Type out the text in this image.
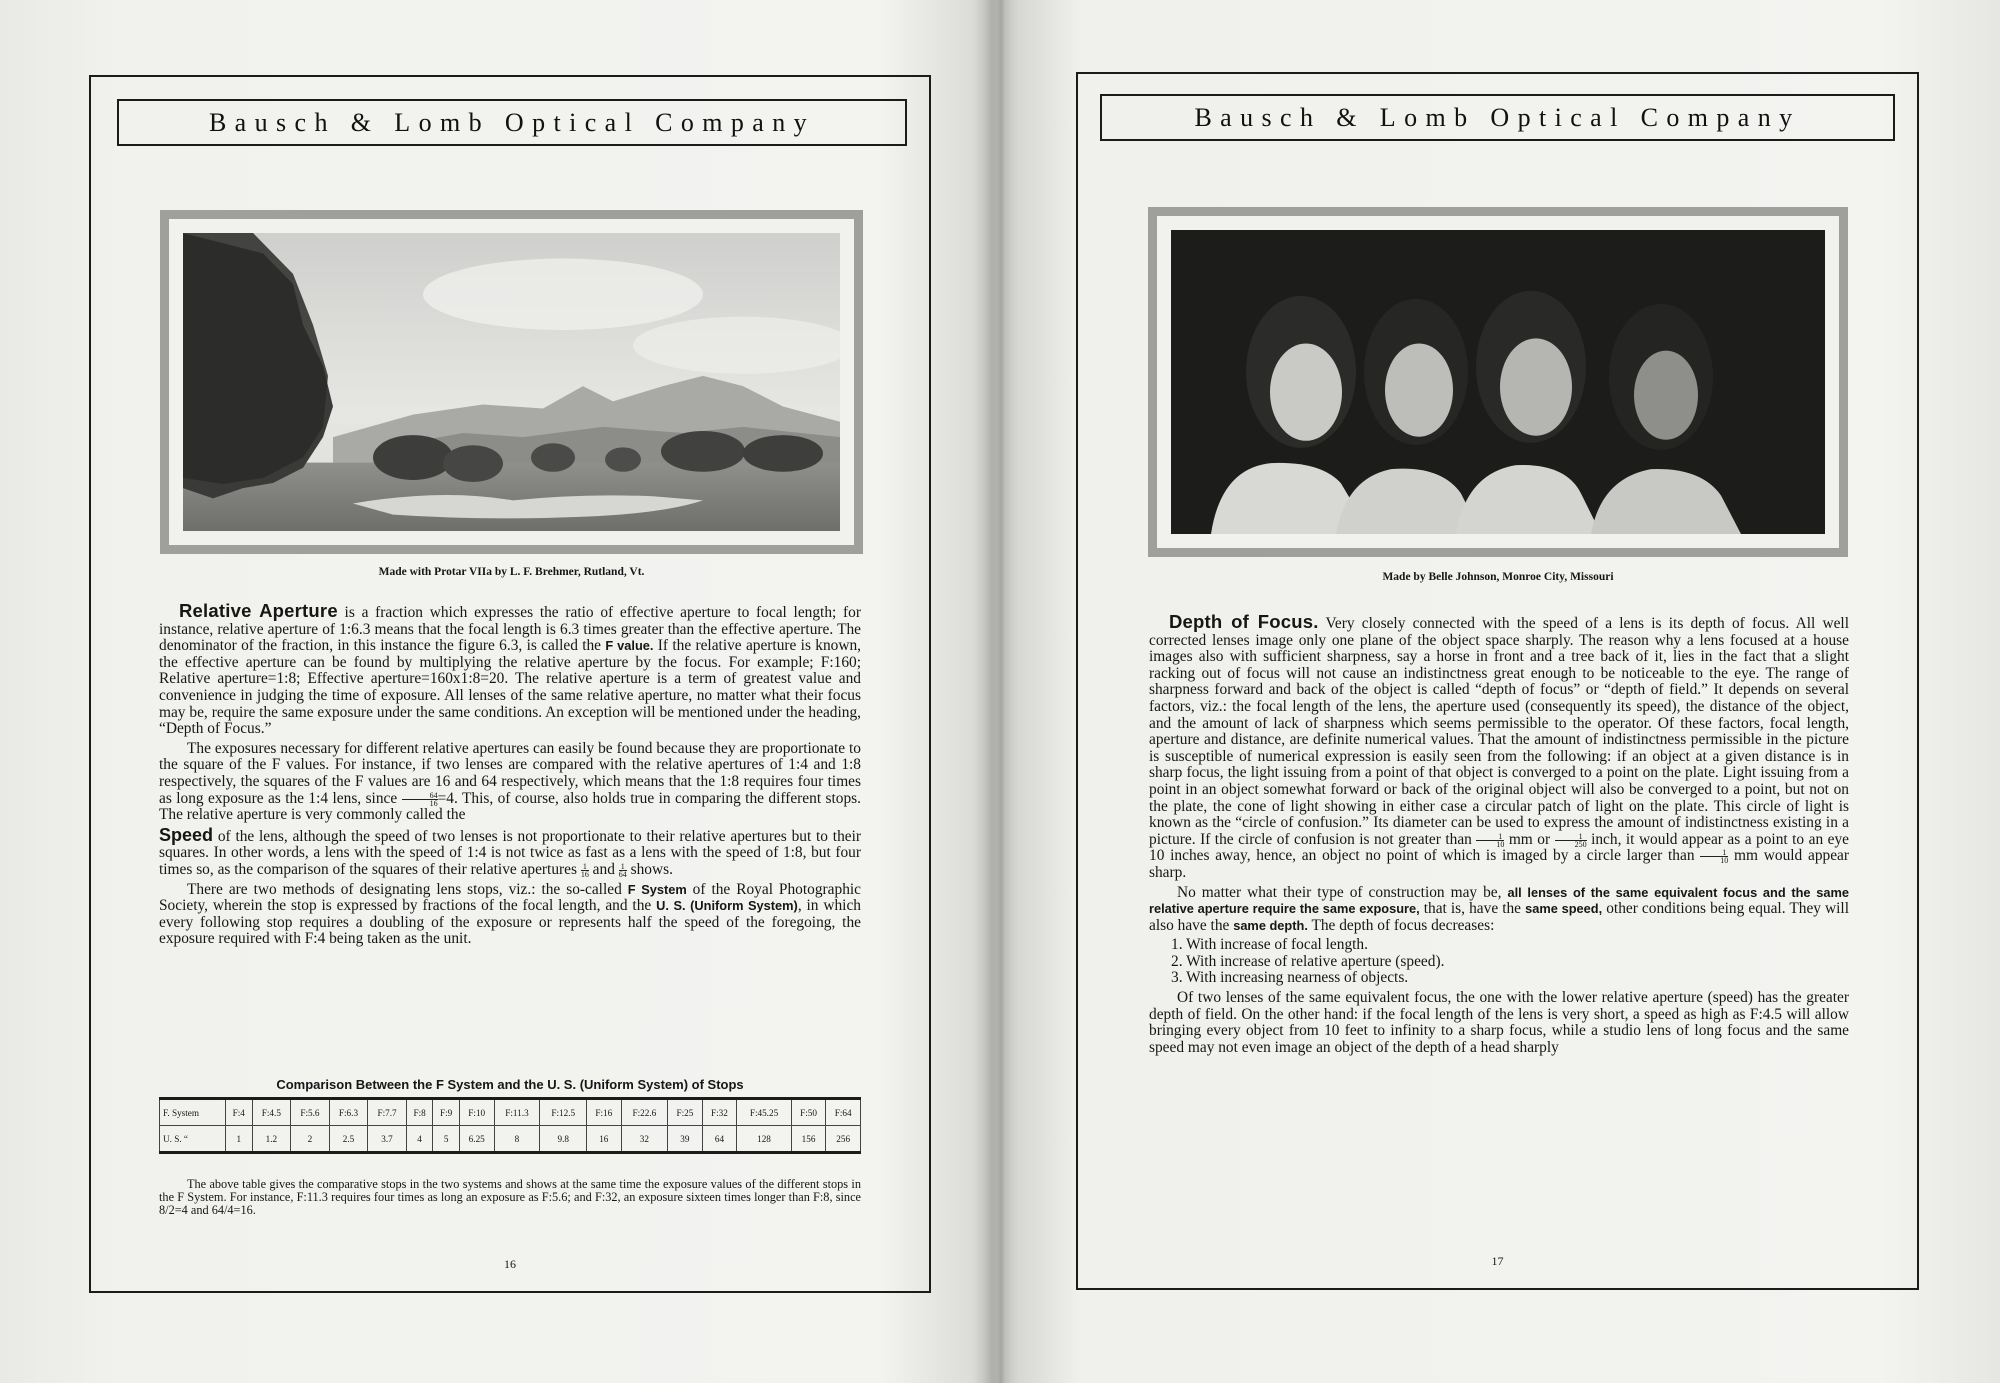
Bausch & Lomb Optical Company
Made with Protar VIIa by L. F. Brehmer, Rutland, Vt.

Relative Aperture is a fraction which expresses the ratio of effective aperture to focal length; for instance, relative aperture of 1:6.3 means that the focal length is 6.3 times greater than the effective aperture. The denominator of the fraction, in this instance the figure 6.3, is called the F value. If the relative aperture is known, the effective aperture can be found by multiplying the relative aperture by the focus. For example; F:160; Relative aperture=1:8; Effective aperture=160x1:8=20. The relative aperture is a term of greatest value and convenience in judging the time of exposure. All lenses of the same relative aperture, no matter what their focus may be, require the same exposure under the same conditions. An exception will be mentioned under the heading, “Depth of Focus.”

The exposures necessary for different relative apertures can easily be found because they are proportionate to the square of the F values. For instance, if two lenses are compared with the relative apertures of 1:4 and 1:8 respectively, the squares of the F values are 16 and 64 respectively, which means that the 1:8 requires four times as long exposure as the 1:4 lens, since $\frac{64}{16} =4$. This, of course, also holds true in comparing the different stops. The relative aperture is very commonly called the

Speed of the lens, although the speed of two lenses is not proportionate to their relative apertures but to their squares. In other words, a lens with the speed of 1:4 is not twice as fast as a lens with the speed of 1:8, but four times so, as the comparison of the squares of their relative apertures $\frac{1}{16}$ and $\frac{1}{64}$ shows.

There are two methods of designating lens stops, viz.: the so-called F System of the Royal Photographic Society, wherein the stop is expressed by fractions of the focal length, and the U. S. (Uniform System), in which every following stop requires a doubling of the exposure or represents half the speed of the foregoing, the exposure required with F:4 being taken as the unit.

Comparison Between the F System and the U. S. (Uniform System) of Stops
F. System	F:4	F:4.5	F:5.6	F:6.3	F:7.7	F:8	F:9	F:10	F:11.3	F:12.5	F:16	F:22.6	F:25	F:32	F:45.25	F:50	F:64
U. S. “	1	1.2	2	2.5	3.7	4	5	6.25	8	9.8	16	32	39	64	128	156	256

The above table gives the comparative stops in the two systems and shows at the same time the exposure values of the different stops in the F System. For instance, F:11.3 requires four times as long an exposure as F:5.6; and F:32, an exposure sixteen times longer than F:8, since 8/2=4 and 64/4=16.

16
Bausch & Lomb Optical Company
Made by Belle Johnson, Monroe City, Missouri

Depth of Focus. Very closely connected with the speed of a lens is its depth of focus. All well corrected lenses image only one plane of the object space sharply. The reason why a lens focused at a house images also with sufficient sharpness, say a horse in front and a tree back of it, lies in the fact that a slight racking out of focus will not cause an indistinctness great enough to be noticeable to the eye. The range of sharpness forward and back of the object is called “depth of focus” or “depth of field.” It depends on several factors, viz.: the focal length of the lens, the aperture used (consequently its speed), the distance of the object, and the amount of lack of sharpness which seems permissible to the operator. Of these factors, focal length, aperture and distance, are definite numerical values. That the amount of indistinctness permissible in the picture is susceptible of numerical expression is easily seen from the following: if an object at a given distance is in sharp focus, the light issuing from a point of that object is converged to a point on the plate. Light issuing from a point in an object somewhat forward or back of the original object will also be converged to a point, but not on the plate, the cone of light showing in either case a circular patch of light on the plate. This circle of light is known as the “circle of confusion.” Its diameter can be used to express the amount of indistinctness existing in a picture. If the circle of confusion is not greater than $\frac{1}{10}$ mm or $\frac{1}{250}$ inch, it would appear as a point to an eye 10 inches away, hence, an object no point of which is imaged by a circle larger than $\frac{1}{10}$ mm would appear sharp.

No matter what their type of construction may be, all lenses of the same equivalent focus and the same relative aperture require the same exposure, that is, have the same speed, other conditions being equal. They will also have the same depth. The depth of focus decreases:

1. With increase of focal length.
2. With increase of relative aperture (speed).
3. With increasing nearness of objects.

Of two lenses of the same equivalent focus, the one with the lower relative aperture (speed) has the greater depth of field. On the other hand: if the focal length of the lens is very short, a speed as high as F:4.5 will allow bringing every object from 10 feet to infinity to a sharp focus, while a studio lens of long focus and the same speed may not even image an object of the depth of a head sharply

17
